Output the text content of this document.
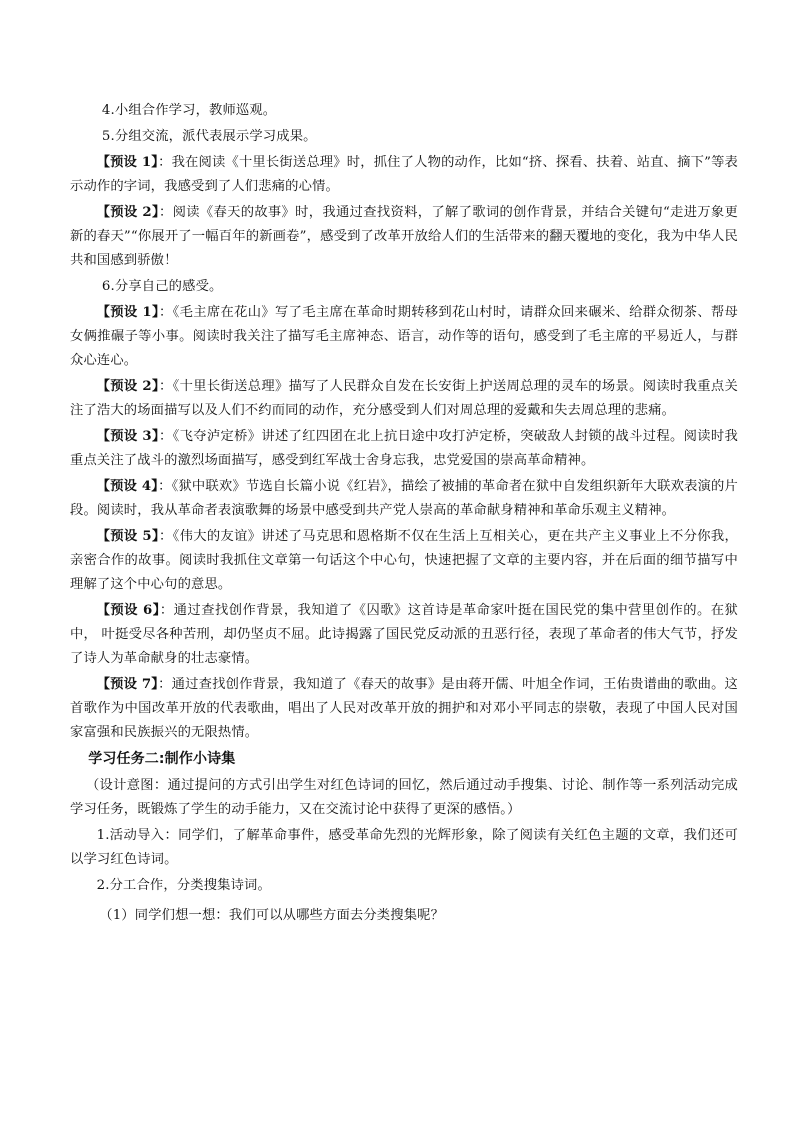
4.小组合作学习，教师巡观。

5.分组交流，派代表展示学习成果。

【预设 1】：我在阅读《十里长街送总理》时，抓住了人物的动作，比如“挤、探看、扶着、站直、摘下”等表示动作的字词，我感受到了人们悲痛的心情。

【预设 2】：阅读《春天的故事》时，我通过查找资料，了解了歌词的创作背景，并结合关键句“走进万象更新的春天”“你展开了一幅百年的新画卷”，感受到了改革开放给人们的生活带来的翻天覆地的变化，我为中华人民共和国感到骄傲！

6.分享自己的感受。

【预设 1】：《毛主席在花山》写了毛主席在革命时期转移到花山村时，请群众回来碾米、给群众彻茶、帮母女俩推碾子等小事。阅读时我关注了描写毛主席神态、语言，动作等的语句，感受到了毛主席的平易近人，与群众心连心。

【预设 2】：《十里长街送总理》描写了人民群众自发在长安街上护送周总理的灵车的场景。阅读时我重点关注了浩大的场面描写以及人们不约而同的动作，充分感受到人们对周总理的爱戴和失去周总理的悲痛。

【预设 3】：《飞夺泸定桥》讲述了红四团在北上抗日途中攻打泸定桥，突破敌人封锁的战斗过程。阅读时我重点关注了战斗的激烈场面描写，感受到红军战士舍身忘我，忠党爱国的崇高革命精神。

【预设 4】：《狱中联欢》节选自长篇小说《红岩》，描绘了被捕的革命者在狱中自发组织新年大联欢表演的片段。阅读时，我从革命者表演歌舞的场景中感受到共产党人崇高的革命献身精神和革命乐观主义精神。

【预设 5】：《伟大的友谊》讲述了马克思和恩格斯不仅在生活上互相关心，更在共产主义事业上不分你我，亲密合作的故事。阅读时我抓住文章第一句话这个中心句，快速把握了文章的主要内容，并在后面的细节描写中理解了这个中心句的意思。

【预设 6】：通过查找创作背景，我知道了《囚歌》这首诗是革命家叶挺在国民党的集中营里创作的。在狱中， 叶挺受尽各种苦刑，却仍坚贞不屈。此诗揭露了国民党反动派的丑恶行径，表现了革命者的伟大气节，抒发了诗人为革命献身的壮志豪情。

【预设 7】：通过查找创作背景，我知道了《春天的故事》是由蒋开儒、叶旭全作词，王佑贵谱曲的歌曲。这首歌作为中国改革开放的代表歌曲，唱出了人民对改革开放的拥护和对邓小平同志的崇敬，表现了中国人民对国家富强和民族振兴的无限热情。

学习任务二:制作小诗集

（设计意图：通过提问的方式引出学生对红色诗词的回忆，然后通过动手搜集、讨论、制作等一系列活动完成学习任务，既锻炼了学生的动手能力，又在交流讨论中获得了更深的感悟。）

1.活动导入：同学们，了解革命事件，感受革命先烈的光辉形象，除了阅读有关红色主题的文章，我们还可以学习红色诗词。

2.分工合作，分类搜集诗词。

（1）同学们想一想：我们可以从哪些方面去分类搜集呢？
